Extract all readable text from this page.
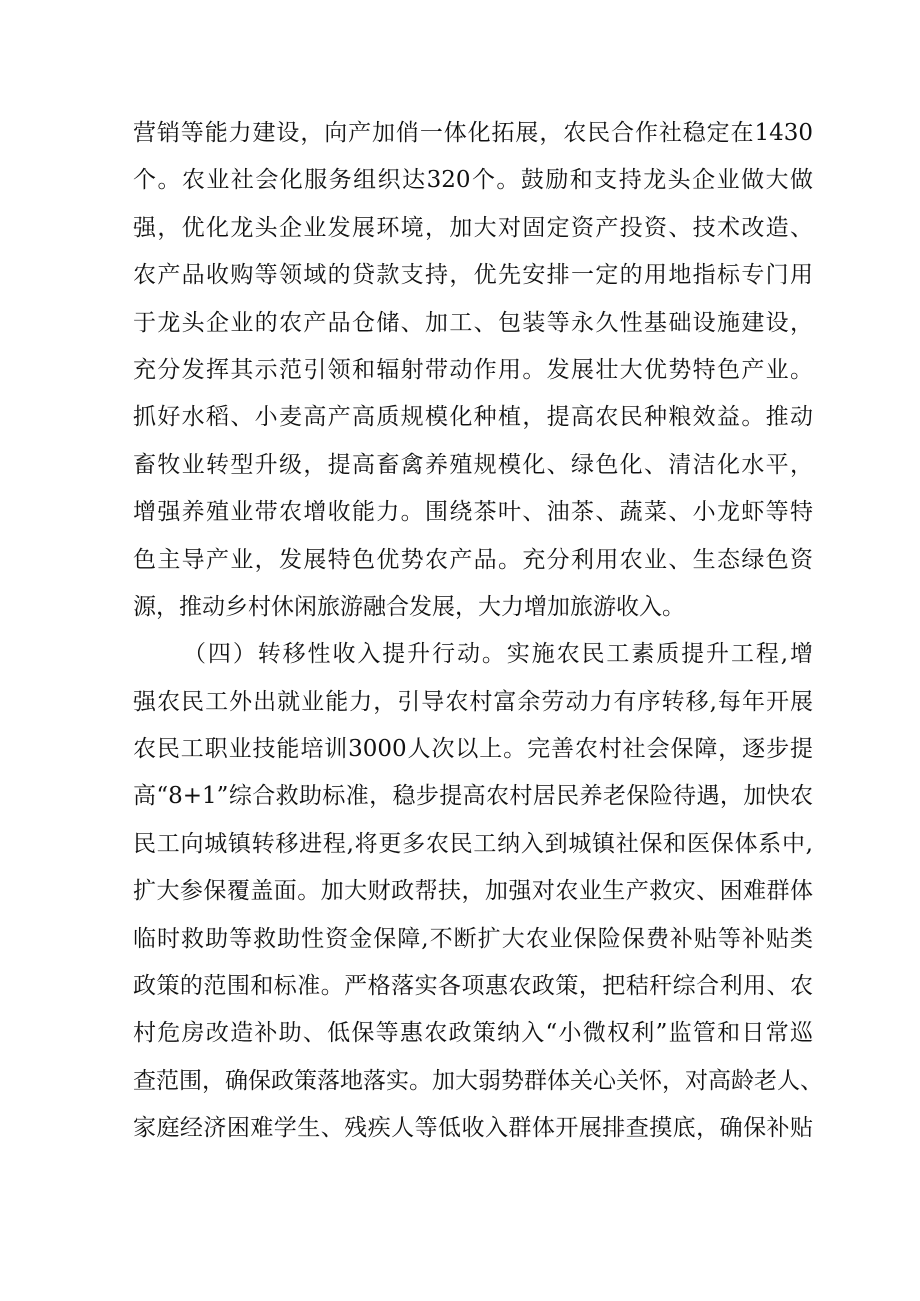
营销等能力建设，向产加俏一体化拓展，农民合作社稳定在1430
个。农业社会化服务组织达320个。鼓励和支持龙头企业做大做
强，优化龙头企业发展环境，加大对固定资产投资、技术改造、
农产品收购等领域的贷款支持，优先安排一定的用地指标专门用
于龙头企业的农产品仓储、加工、包装等永久性基础设施建设，
充分发挥其示范引领和辐射带动作用。发展壮大优势特色产业。
抓好水稻、小麦高产高质规模化种植，提高农民种粮效益。推动
畜牧业转型升级，提高畜禽养殖规模化、绿色化、清洁化水平，
增强养殖业带农增收能力。围绕茶叶、油茶、蔬菜、小龙虾等特
色主导产业，发展特色优势农产品。充分利用农业、生态绿色资
源，推动乡村休闲旅游融合发展，大力增加旅游收入。
（四）转移性收入提升行动。实施农民工素质提升工程,增
强农民工外出就业能力，引导农村富余劳动力有序转移,每年开展
农民工职业技能培训3000人次以上。完善农村社会保障，逐步提
高“8+1”综合救助标准，稳步提高农村居民养老保险待遇，加快农
民工向城镇转移进程,将更多农民工纳入到城镇社保和医保体系中,
扩大参保覆盖面。加大财政帮扶，加强对农业生产救灾、困难群体
临时救助等救助性资金保障,不断扩大农业保险保费补贴等补贴类
政策的范围和标准。严格落实各项惠农政策，把秸秆综合利用、农
村危房改造补助、低保等惠农政策纳入“小微权利”监管和日常巡
查范围，确保政策落地落实。加大弱势群体关心关怀，对高龄老人、
家庭经济困难学生、残疾人等低收入群体开展排查摸底，确保补贴
